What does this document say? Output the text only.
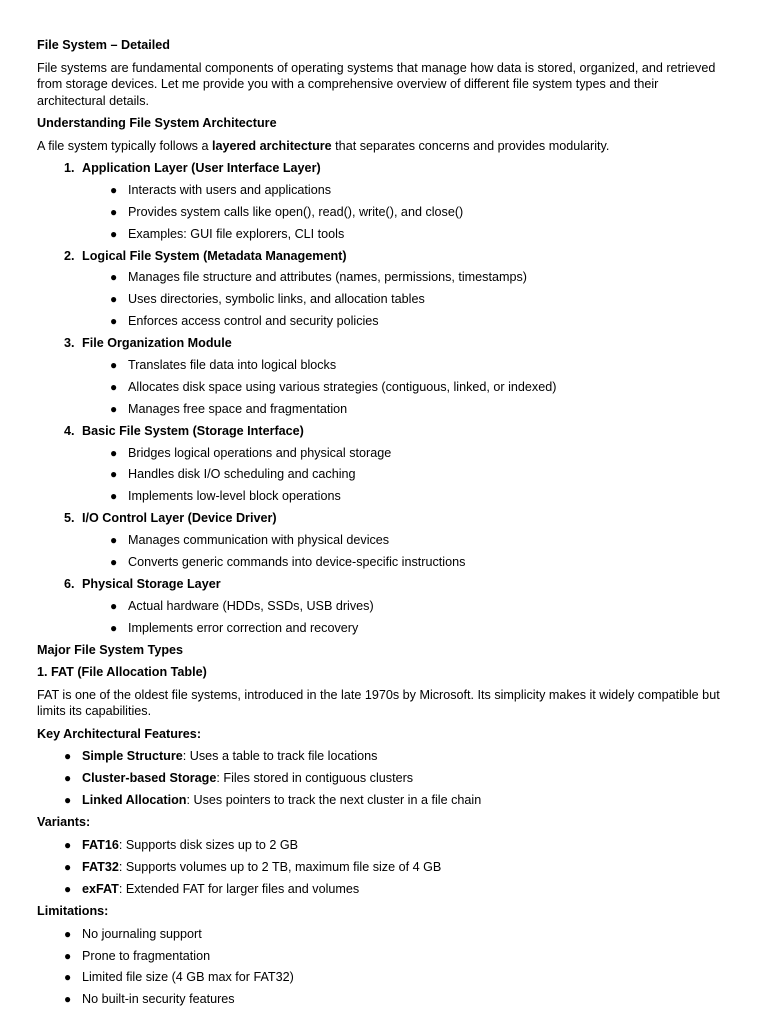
File System – Detailed
File systems are fundamental components of operating systems that manage how data is stored, organized, and retrieved from storage devices. Let me provide you with a comprehensive overview of different file system types and their architectural details.
Understanding File System Architecture
A file system typically follows a layered architecture that separates concerns and provides modularity.
1. Application Layer (User Interface Layer)
● Interacts with users and applications
● Provides system calls like open(), read(), write(), and close()
● Examples: GUI file explorers, CLI tools
2. Logical File System (Metadata Management)
● Manages file structure and attributes (names, permissions, timestamps)
● Uses directories, symbolic links, and allocation tables
● Enforces access control and security policies
3. File Organization Module
● Translates file data into logical blocks
● Allocates disk space using various strategies (contiguous, linked, or indexed)
● Manages free space and fragmentation
4. Basic File System (Storage Interface)
● Bridges logical operations and physical storage
● Handles disk I/O scheduling and caching
● Implements low-level block operations
5. I/O Control Layer (Device Driver)
● Manages communication with physical devices
● Converts generic commands into device-specific instructions
6. Physical Storage Layer
● Actual hardware (HDDs, SSDs, USB drives)
● Implements error correction and recovery
Major File System Types
1. FAT (File Allocation Table)
FAT is one of the oldest file systems, introduced in the late 1970s by Microsoft. Its simplicity makes it widely compatible but limits its capabilities.
Key Architectural Features:
● Simple Structure: Uses a table to track file locations
● Cluster-based Storage: Files stored in contiguous clusters
● Linked Allocation: Uses pointers to track the next cluster in a file chain
Variants:
● FAT16: Supports disk sizes up to 2 GB
● FAT32: Supports volumes up to 2 TB, maximum file size of 4 GB
● exFAT: Extended FAT for larger files and volumes
Limitations:
● No journaling support
● Prone to fragmentation
● Limited file size (4 GB max for FAT32)
● No built-in security features
